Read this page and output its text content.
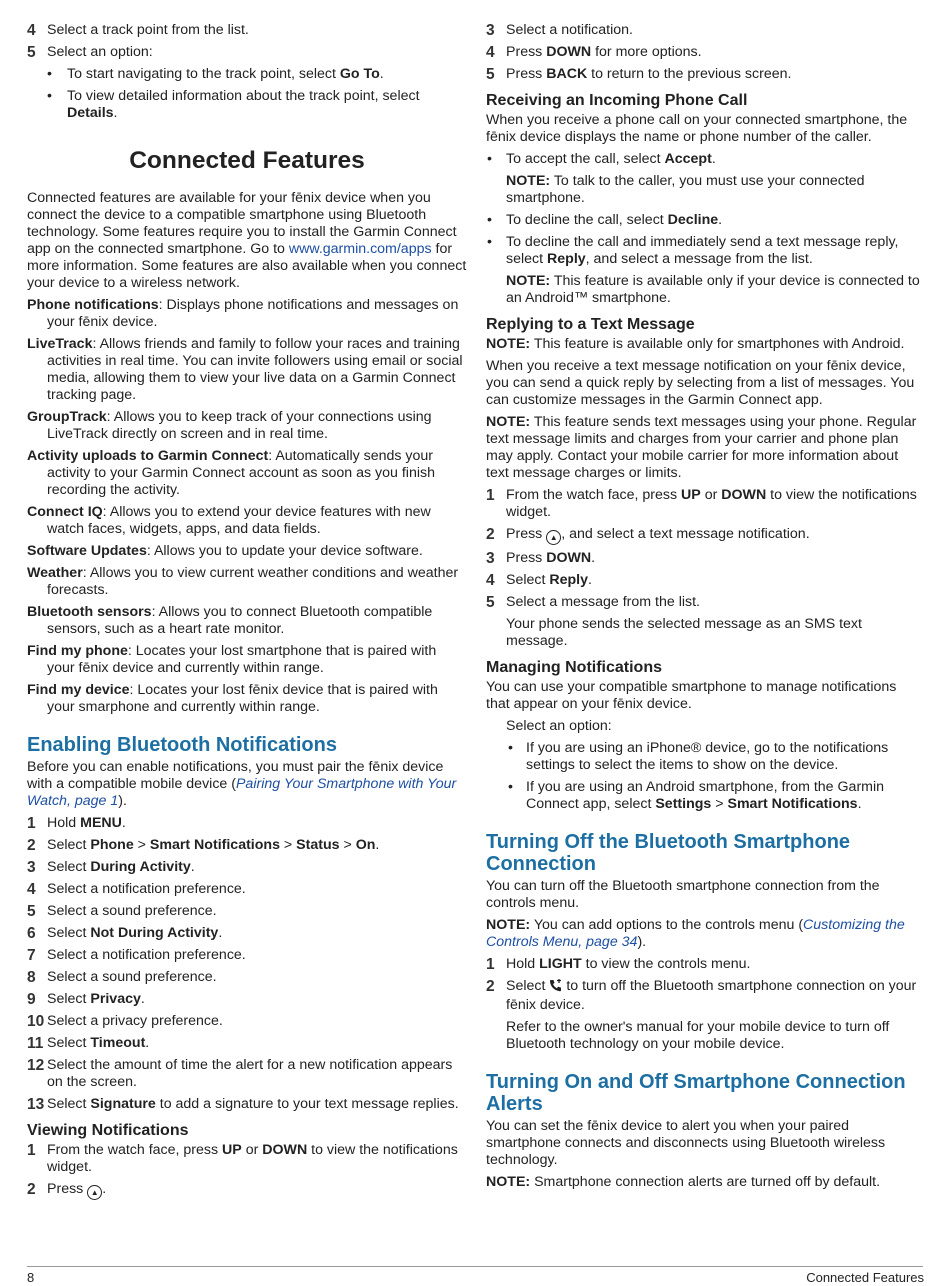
4 Select a track point from the list.
5 Select an option:
• To start navigating to the track point, select Go To.
• To view detailed information about the track point, select Details.
Connected Features

Connected features are available for your fēnix device when you connect the device to a compatible smartphone using Bluetooth technology. Some features require you to install the Garmin Connect app on the connected smartphone. Go to www.garmin.com/apps for more information. Some features are also available when you connect your device to a wireless network.

Phone notifications: Displays phone notifications and messages on your fēnix device.

LiveTrack: Allows friends and family to follow your races and training activities in real time. You can invite followers using email or social media, allowing them to view your live data on a Garmin Connect tracking page.

GroupTrack: Allows you to keep track of your connections using LiveTrack directly on screen and in real time.

Activity uploads to Garmin Connect: Automatically sends your activity to your Garmin Connect account as soon as you finish recording the activity.

Connect IQ: Allows you to extend your device features with new watch faces, widgets, apps, and data fields.

Software Updates: Allows you to update your device software.

Weather: Allows you to view current weather conditions and weather forecasts.

Bluetooth sensors: Allows you to connect Bluetooth compatible sensors, such as a heart rate monitor.

Find my phone: Locates your lost smartphone that is paired with your fēnix device and currently within range.

Find my device: Locates your lost fēnix device that is paired with your smarphone and currently within range.

Enabling Bluetooth Notifications

Before you can enable notifications, you must pair the fēnix device with a compatible mobile device (Pairing Your Smartphone with Your Watch, page 1).

1 Hold MENU.
2 Select Phone > Smart Notifications > Status > On.
3 Select During Activity.
4 Select a notification preference.
5 Select a sound preference.
6 Select Not During Activity.
7 Select a notification preference.
8 Select a sound preference.
9 Select Privacy.
10 Select a privacy preference.
11 Select Timeout.
12 Select the amount of time the alert for a new notification appears on the screen.
13 Select Signature to add a signature to your text message replies.
Viewing Notifications
1 From the watch face, press UP or DOWN to view the notifications widget.
2 Press ▲ .
3 Select a notification.
4 Press DOWN for more options.
5 Press BACK to return to the previous screen.
Receiving an Incoming Phone Call

When you receive a phone call on your connected smartphone, the fēnix device displays the name or phone number of the caller.

• To accept the call, select Accept.
NOTE: To talk to the caller, you must use your connected smartphone.
• To decline the call, select Decline.
• To decline the call and immediately send a text message reply, select Reply, and select a message from the list.
NOTE: This feature is available only if your device is connected to an Android™ smartphone.
Replying to a Text Message

NOTE: This feature is available only for smartphones with Android.

When you receive a text message notification on your fēnix device, you can send a quick reply by selecting from a list of messages. You can customize messages in the Garmin Connect app.

NOTE: This feature sends text messages using your phone. Regular text message limits and charges from your carrier and phone plan may apply. Contact your mobile carrier for more information about text message charges or limits.

1 From the watch face, press UP or DOWN to view the notifications widget.
2 Press ▲ , and select a text message notification.
3 Press DOWN.
4 Select Reply.
5 Select a message from the list.
Your phone sends the selected message as an SMS text message.
Managing Notifications

You can use your compatible smartphone to manage notifications that appear on your fēnix device.

Select an option:
• If you are using an iPhone® device, go to the notifications settings to select the items to show on the device.
• If you are using an Android smartphone, from the Garmin Connect app, select Settings > Smart Notifications.
Turning Off the Bluetooth Smartphone Connection

You can turn off the Bluetooth smartphone connection from the controls menu.

NOTE: You can add options to the controls menu (Customizing the Controls Menu, page 34).

1 Hold LIGHT to view the controls menu.
2 Select  to turn off the Bluetooth smartphone connection on your fēnix device.
Refer to the owner's manual for your mobile device to turn off Bluetooth technology on your mobile device.
Turning On and Off Smartphone Connection Alerts

You can set the fēnix device to alert you when your paired smartphone connects and disconnects using Bluetooth wireless technology.

NOTE: Smartphone connection alerts are turned off by default.

8	Connected Features
